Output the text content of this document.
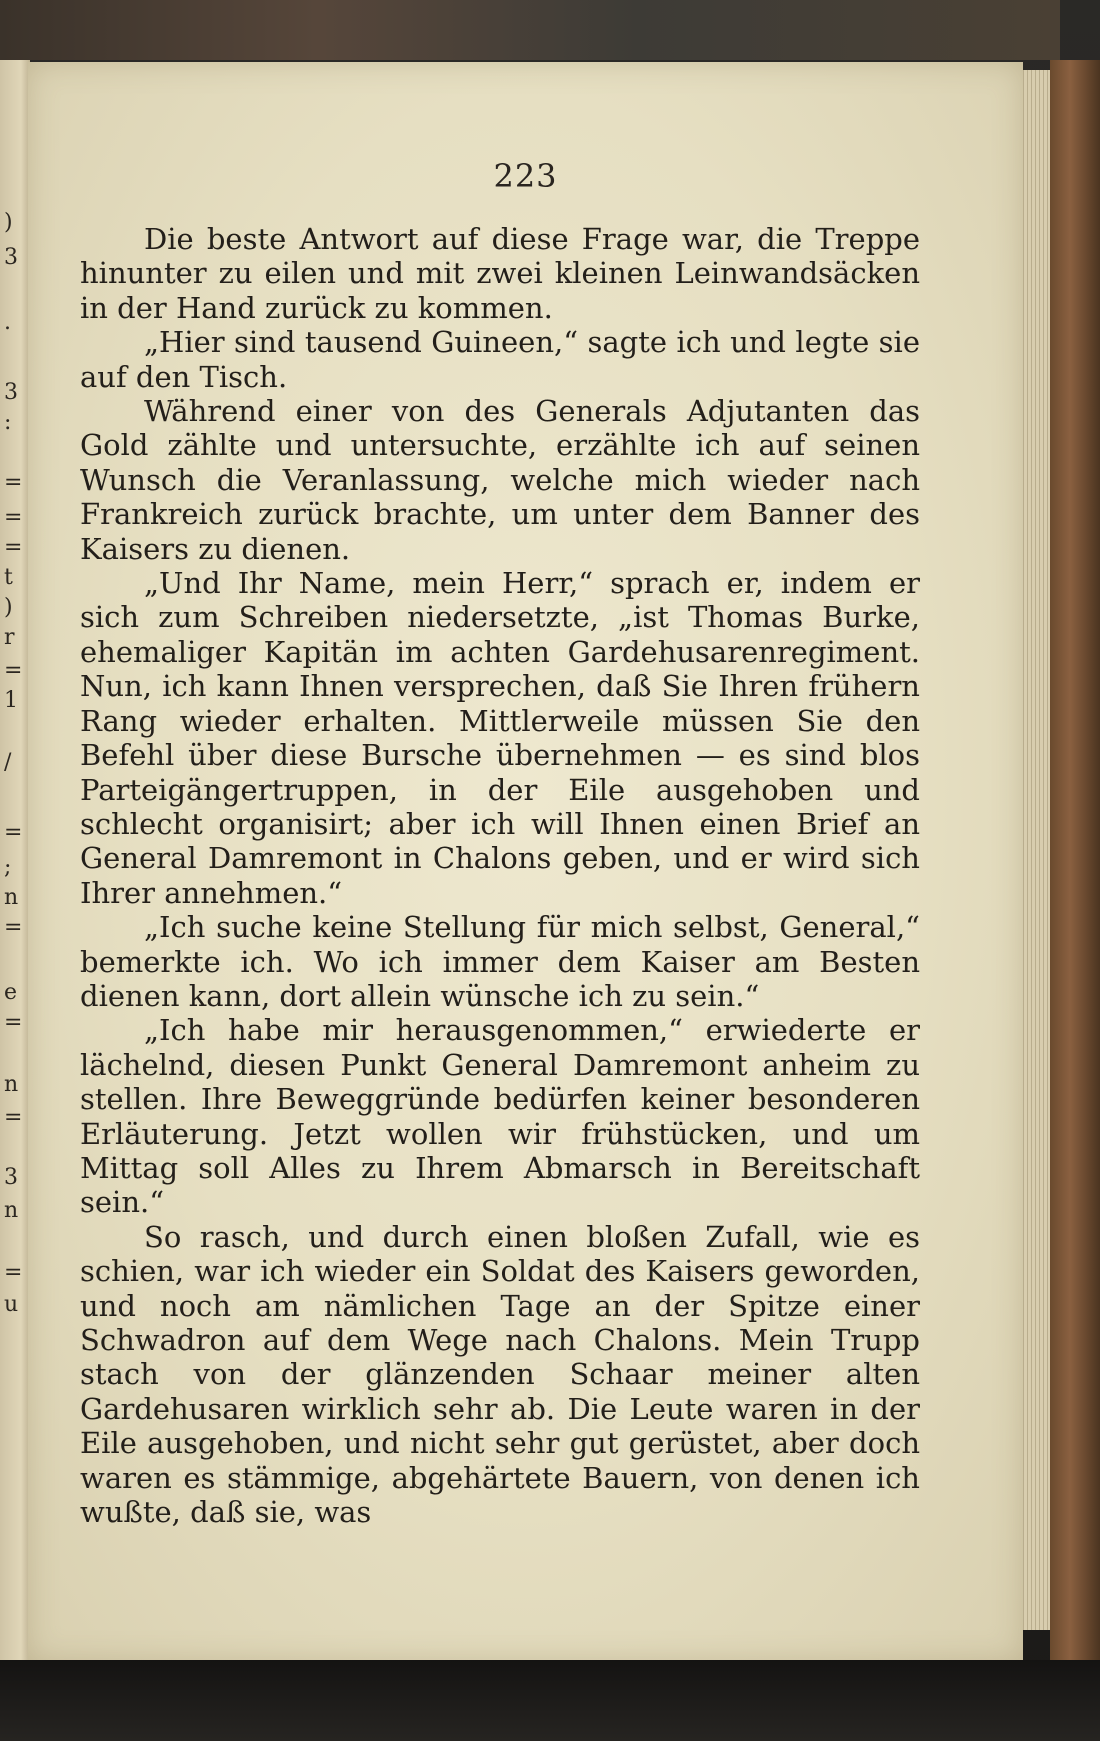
)
3
.
3
:
=
=
=
t
)
r
=
1
/
=
;
n
=
e
=
n
=
3
n
=
u
223

Die beste Antwort auf diese Frage war, die Treppe hinunter zu eilen und mit zwei kleinen Leinwandsäcken in der Hand zurück zu kommen.

„Hier sind tausend Guineen,“ sagte ich und legte sie auf den Tisch.

Während einer von des Generals Adjutanten das Gold zählte und untersuchte, erzählte ich auf seinen Wunsch die Veranlassung, welche mich wieder nach Frankreich zurück brachte, um unter dem Banner des Kaisers zu dienen.

„Und Ihr Name, mein Herr,“ sprach er, indem er sich zum Schreiben niedersetzte, „ist Thomas Burke, ehemaliger Kapitän im achten Gardehusarenregiment. Nun, ich kann Ihnen versprechen, daß Sie Ihren frühern Rang wieder erhalten. Mittlerweile müssen Sie den Befehl über diese Bursche übernehmen — es sind blos Parteigängertruppen, in der Eile ausgehoben und schlecht organisirt; aber ich will Ihnen einen Brief an General Damremont in Chalons geben, und er wird sich Ihrer annehmen.“

„Ich suche keine Stellung für mich selbst, General,“ bemerkte ich. Wo ich immer dem Kaiser am Besten dienen kann, dort allein wünsche ich zu sein.“

„Ich habe mir herausgenommen,“ erwiederte er lächelnd, diesen Punkt General Damremont anheim zu stellen. Ihre Beweggründe bedürfen keiner besonderen Erläuterung. Jetzt wollen wir frühstücken, und um Mittag soll Alles zu Ihrem Abmarsch in Bereitschaft sein.“

So rasch, und durch einen bloßen Zufall, wie es schien, war ich wieder ein Soldat des Kaisers geworden, und noch am nämlichen Tage an der Spitze einer Schwadron auf dem Wege nach Chalons. Mein Trupp stach von der glänzenden Schaar meiner alten Gardehusaren wirklich sehr ab. Die Leute waren in der Eile ausgehoben, und nicht sehr gut gerüstet, aber doch waren es stämmige, abgehärtete Bauern, von denen ich wußte, daß sie, was
